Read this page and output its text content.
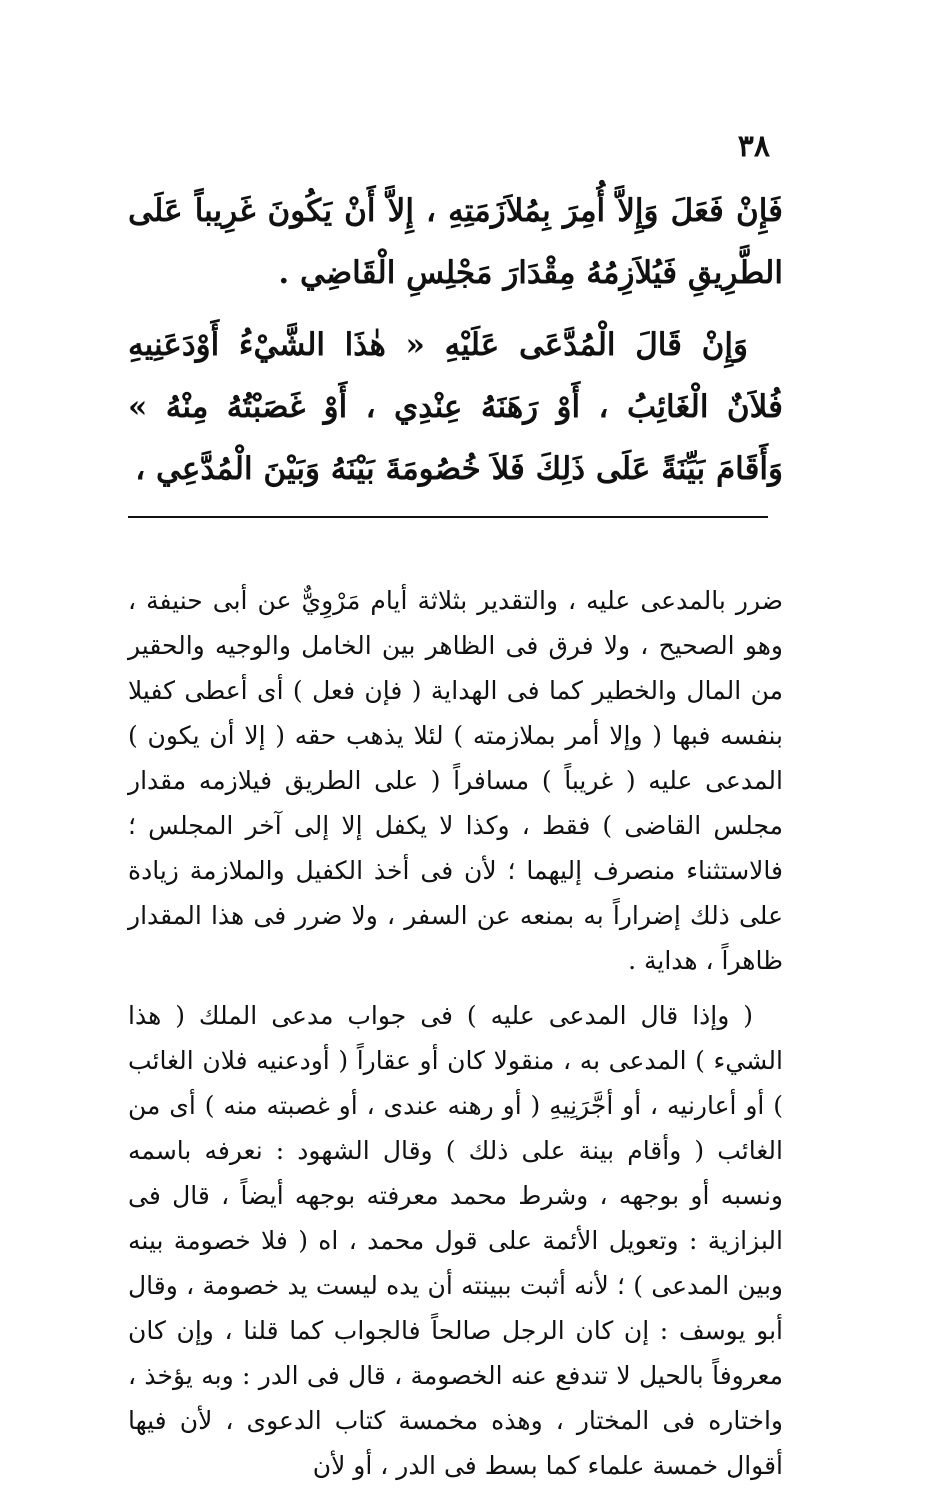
٣٨

فَإِنْ فَعَلَ وَإِلاَّ أُمِرَ بِمُلاَزَمَتِهِ ، إِلاَّ أَنْ يَكُونَ غَرِيباً عَلَى الطَّرِيقِ فَيُلاَزِمُهُ مِقْدَارَ مَجْلِسِ الْقَاضِي .

وَإِنْ قَالَ الْمُدَّعَى عَلَيْهِ « هٰذَا الشَّيْءُ أَوْدَعَنِيهِ فُلاَنٌ الْغَائِبُ ، أَوْ رَهَنَهُ عِنْدِي ، أَوْ غَصَبْتُهُ مِنْهُ » وَأَقَامَ بَيِّنَةً عَلَى ذَلِكَ فَلاَ خُصُومَةَ بَيْنَهُ وَبَيْنَ الْمُدَّعِي ،

ضرر بالمدعى عليه ، والتقدير بثلاثة أيام مَرْوِيٌّ عن أبى حنيفة ، وهو الصحيح ، ولا فرق فى الظاهر بين الخامل والوجيه والحقير من المال والخطير كما فى الهداية ( فإن فعل ) أى أعطى كفيلا بنفسه فبها ( وإلا أمر بملازمته ) لئلا يذهب حقه ( إلا أن يكون ) المدعى عليه ( غريباً ) مسافراً ( على الطريق فيلازمه مقدار مجلس القاضى ) فقط ، وكذا لا يكفل إلا إلى آخر المجلس ؛ فالاستثناء منصرف إليهما ؛ لأن فى أخذ الكفيل والملازمة زيادة على ذلك إضراراً به بمنعه عن السفر ، ولا ضرر فى هذا المقدار ظاهراً ، هداية .

( وإذا قال المدعى عليه ) فى جواب مدعى الملك ( هذا الشيء ) المدعى به ، منقولا كان أو عقاراً ( أودعنيه فلان الغائب ) أو أعارنيه ، أو أجَّرَنِيهِ ( أو رهنه عندى ، أو غصبته منه ) أى من الغائب ( وأقام بينة على ذلك ) وقال الشهود : نعرفه باسمه ونسبه أو بوجهه ، وشرط محمد معرفته بوجهه أيضاً ، قال فى البزازية : وتعويل الأئمة على قول محمد ، اه ( فلا خصومة بينه وبين المدعى ) ؛ لأنه أثبت ببينته أن يده ليست يد خصومة ، وقال أبو يوسف : إن كان الرجل صالحاً فالجواب كما قلنا ، وإن كان معروفاً بالحيل لا تندفع عنه الخصومة ، قال فى الدر : وبه يؤخذ ، واختاره فى المختار ، وهذه مخمسة كتاب الدعوى ، لأن فيها أقوال خمسة علماء كما بسط فى الدر ، أو لأن
